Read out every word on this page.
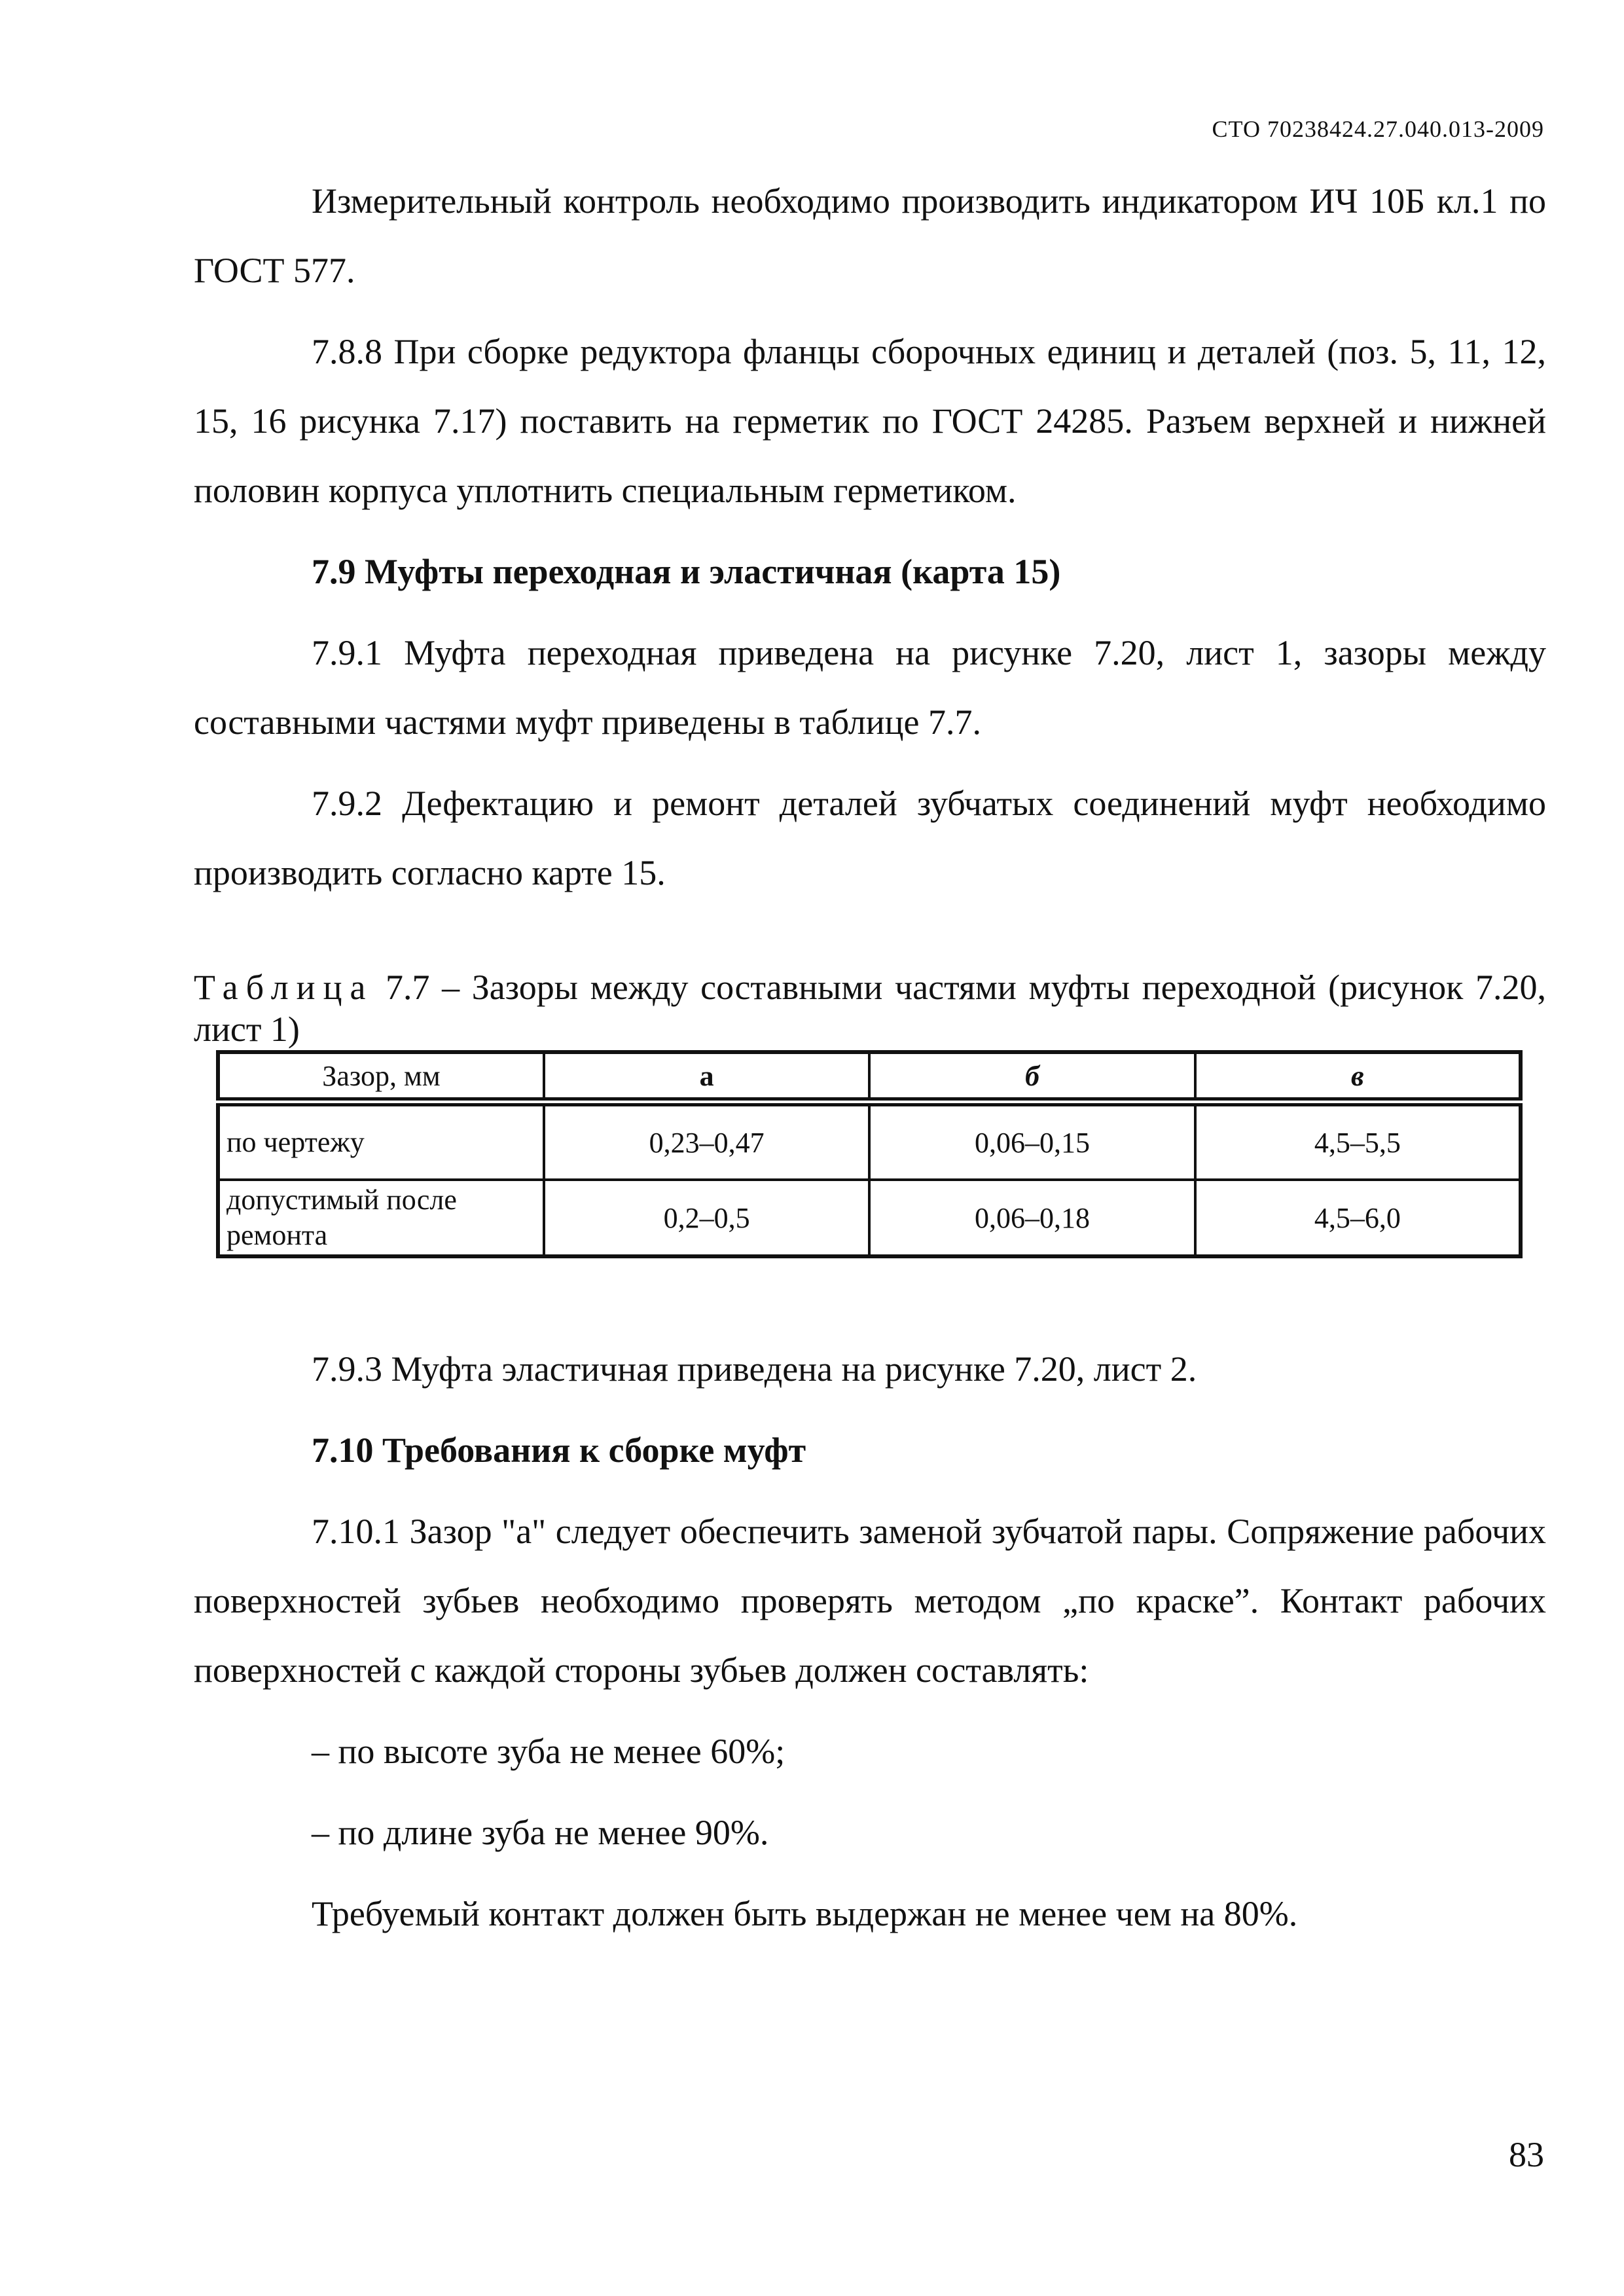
СТО 70238424.27.040.013-2009

Измерительный контроль необходимо производить индикатором ИЧ 10Б кл.1 по ГОСТ 577.

7.8.8 При сборке редуктора фланцы сборочных единиц и деталей (поз. 5, 11, 12, 15, 16 рисунка 7.17) поставить на герметик по ГОСТ 24285. Разъем верхней и нижней половин корпуса уплотнить специальным герметиком.

7.9 Муфты переходная и эластичная (карта 15)

7.9.1 Муфта переходная приведена на рисунке 7.20, лист 1, зазоры между составными частями муфт приведены в таблице 7.7.

7.9.2 Дефектацию и ремонт деталей зубчатых соединений муфт необходимо производить согласно карте 15.

Таблица 7.7 – Зазоры между составными частями муфты переходной (рисунок 7.20, лист 1)
Зазор, мм	а	б	в
по чертежу	0,23–0,47	0,06–0,15	4,5–5,5
допустимый после ремонта	0,2–0,5	0,06–0,18	4,5–6,0

7.9.3 Муфта эластичная приведена на рисунке 7.20, лист 2.

7.10 Требования к сборке муфт

7.10.1 Зазор "a" следует обеспечить заменой зубчатой пары. Сопряжение рабочих поверхностей зубьев необходимо проверять методом „по краске”. Контакт рабочих поверхностей с каждой стороны зубьев должен составлять:

– по высоте зуба не менее 60%;

– по длине зуба не менее 90%.

Требуемый контакт должен быть выдержан не менее чем на 80%.

83
